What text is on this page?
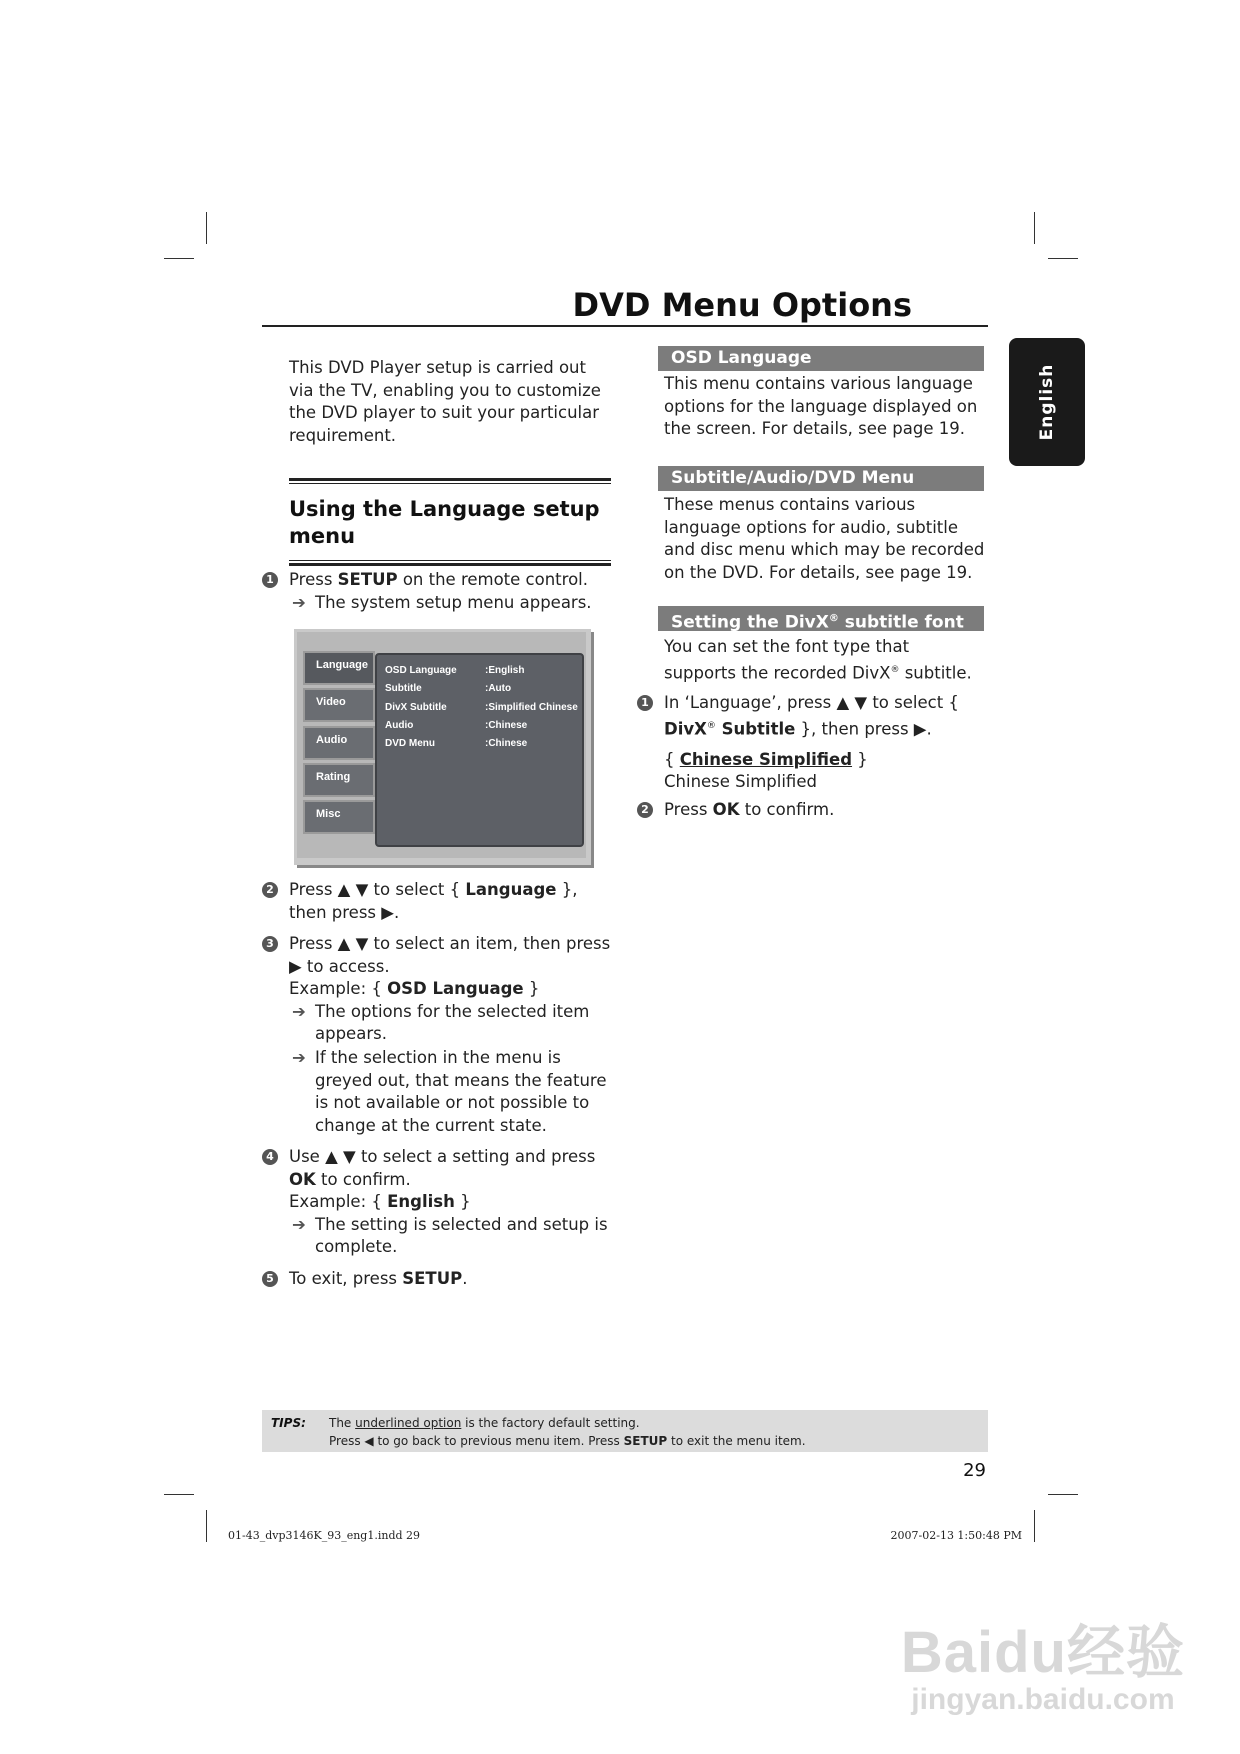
DVD Menu Options
English
This DVD Player setup is carried out via the TV, enabling you to customize the DVD player to suit your particular requirement.
Using the Language setup menu
1 Press SETUP on the remote control.
➔ The system setup menu appears.
Language
Video
Audio
Rating
Misc
OSD Language	:English
Subtitle	:Auto
DivX Subtitle	:Simplified Chinese
Audio	:Chinese
DVD Menu	:Chinese
2 Press ▲ ▼ to select { Language }, then press ▶.
3 Press ▲ ▼ to select an item, then press ▶ to access.
Example: { OSD Language }
➔ The options for the selected item appears.
➔ If the selection in the menu is greyed out, that means the feature is not available or not possible to change at the current state.
4 Use ▲ ▼ to select a setting and press OK to confirm.
Example: { English }
➔ The setting is selected and setup is complete.
5 To exit, press SETUP.
OSD Language
This menu contains various language options for the language displayed on the screen. For details, see page 19.
Subtitle/Audio/DVD Menu
These menus contains various language options for audio, subtitle and disc menu which may be recorded on the DVD. For details, see page 19.
Setting the DivX® subtitle font
You can set the font type that supports the recorded DivX® subtitle.
1 In ‘Language’, press ▲ ▼ to select { DivX® Subtitle }, then press ▶.
{ Chinese Simplified }
Chinese Simplified
2 Press OK to confirm.
TIPS: The underlined option is the factory default setting.
Press ◀ to go back to previous menu item. Press SETUP to exit the menu item.
29
01-43_dvp3146K_93_eng1.indd 29	2007-02-13 1:50:48 PM
Baidu经验
jingyan.baidu.com
